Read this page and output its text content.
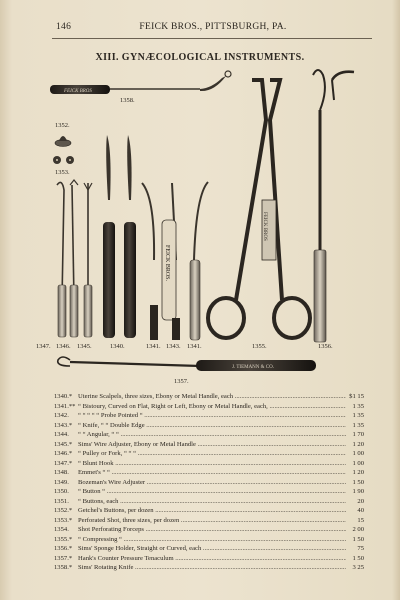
146	FEICK BROS., PITTSBURGH, PA.
XIII. GYNÆCOLOGICAL INSTRUMENTS.
FEICK BROS
FEICK BROS.
FEICK BROS
J. TIEMANN & CO.
1358.
1352.
1353.
1347. 1346. 1345.	1340.	1341. 1343. 1341.	1355.	1356.
1357.
1340.* Uterine Scalpels, three sizes, Ebony or Metal Handle, each .....	$1 15
1341.** “ Bistoury, Curved on Flat, Right or Left, Ebony or Metal Handle, each, .....	1 35
1342.	“ “ “ “ “ Probe Pointed “ .....	1 35
1343.* “ Knife, “ “ Double Edge .....	1 35
1344.	“ “ Angular, “ “ .....	1 70
1345.* Sims' Wire Adjuster, Ebony or Metal Handle .....	1 20
1346.* “ Pulley or Fork, “ “ “ .....	1 00
1347.* “ Blunt Hook .....	1 00
1348.	Emmet's “ “ .....	1 20
1349.	Bozeman's Wire Adjuster .....	1 50
1350.	“ Button “ .....	1 90
1351.	“ Buttons, each .....	20
1352.* Getchel's Buttons, per dozen .....	40
1353.* Perforated Shot, three sizes, per dozen .....	15
1354.	Shot Perforating Forceps .....	2 00
1355.* “ Compressing “ .....	1 50
1356.* Sims' Sponge Holder, Straight or Curved, each .....	75
1357.* Hank's Counter Pressure Tenaculum .....	1 50
1358.* Sims' Rotating Knife .....	3 25
